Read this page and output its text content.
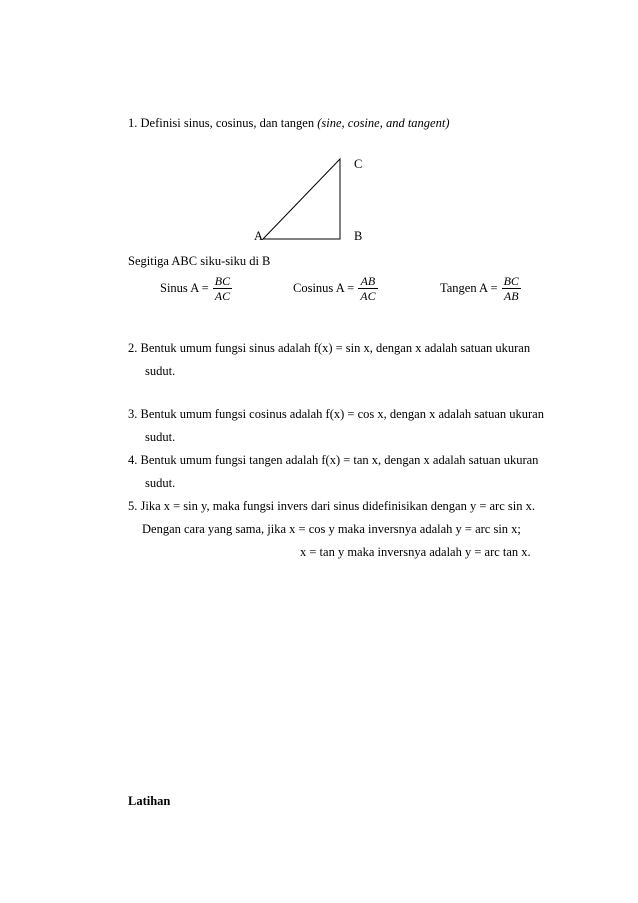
1. Definisi sinus, cosinus, dan tangen (sine, cosine, and tangent)
C
A	B
Segitiga ABC siku-siku di B
Sinus $A = \frac{BC}{AC}$	Cosinus $A = \frac{AB}{AC}$	Tangen $A = \frac{BC}{AB}$
2. Bentuk umum fungsi sinus adalah f(x) = sin x, dengan x adalah satuan ukuran
sudut.
3. Bentuk umum fungsi cosinus adalah f(x) = cos x, dengan x adalah satuan ukuran
sudut.
4. Bentuk umum fungsi tangen adalah f(x) = tan x, dengan x adalah satuan ukuran
sudut.
5. Jika x = sin y, maka fungsi invers dari sinus didefinisikan dengan y = arc sin x.
Dengan cara yang sama, jika x = cos y maka inversnya adalah y = arc sin x;
x = tan y maka inversnya adalah y = arc tan x.
Latihan
